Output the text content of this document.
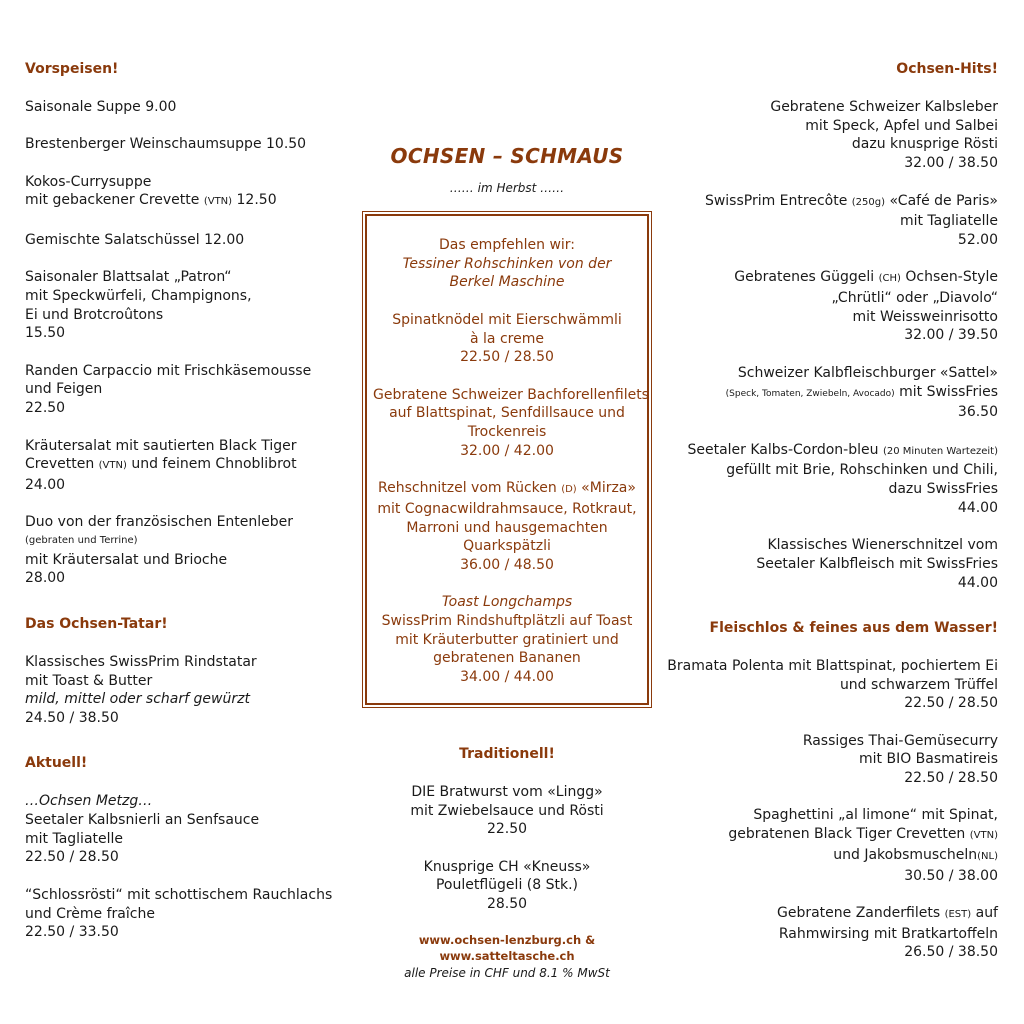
Vorspeisen!
Saisonale Suppe 9.00
Brestenberger Weinschaumsuppe 10.50
Kokos-Currysuppe
mit gebackener Crevette (VTN) 12.50
Gemischte Salatschüssel 12.00
Saisonaler Blattsalat „Patron“
mit Speckwürfeli, Champignons,
Ei und Brotcroûtons
15.50
Randen Carpaccio mit Frischkäsemousse
und Feigen
22.50
Kräutersalat mit sautierten Black Tiger
Crevetten (VTN) und feinem Chnoblibrot
24.00
Duo von der französischen Entenleber
(gebraten und Terrine)
mit Kräutersalat und Brioche
28.00
Das Ochsen-Tatar!
Klassisches SwissPrim Rindstatar
mit Toast & Butter
mild, mittel oder scharf gewürzt
24.50 / 38.50
Aktuell!
…Ochsen Metzg…
Seetaler Kalbsnierli an Senfsauce
mit Tagliatelle
22.50 / 28.50
“Schlossrösti“ mit schottischem Rauchlachs
und Crème fraîche
22.50 / 33.50
OCHSEN – SCHMAUS
…… im Herbst ……
Das empfehlen wir:
Tessiner Rohschinken von der
Berkel Maschine
Spinatknödel mit Eierschwämmli
à la creme
22.50 / 28.50
Gebratene Schweizer Bachforellenfilets
auf Blattspinat, Senfdillsauce und
Trockenreis
32.00 / 42.00
Rehschnitzel vom Rücken (D) «Mirza»
mit Cognacwildrahmsauce, Rotkraut,
Marroni und hausgemachten
Quarkspätzli
36.00 / 48.50
Toast Longchamps
SwissPrim Rindshuftplätzli auf Toast
mit Kräuterbutter gratiniert und
gebratenen Bananen
34.00 / 44.00
Traditionell!
DIE Bratwurst vom «Lingg»
mit Zwiebelsauce und Rösti
22.50
Knusprige CH «Kneuss»
Pouletflügeli (8 Stk.)
28.50
www.ochsen-lenzburg.ch & www.satteltasche.ch
alle Preise in CHF und 8.1 % MwSt
Ochsen-Hits!
Gebratene Schweizer Kalbsleber
mit Speck, Apfel und Salbei
dazu knusprige Rösti
32.00 / 38.50
SwissPrim Entrecôte (250g) «Café de Paris»
mit Tagliatelle
52.00
Gebratenes Güggeli (CH) Ochsen-Style
„Chrütli“ oder „Diavolo“
mit Weissweinrisotto
32.00 / 39.50
Schweizer Kalbfleischburger «Sattel»
(Speck, Tomaten, Zwiebeln, Avocado) mit SwissFries
36.50
Seetaler Kalbs-Cordon-bleu (20 Minuten Wartezeit)
gefüllt mit Brie, Rohschinken und Chili,
dazu SwissFries
44.00
Klassisches Wienerschnitzel vom
Seetaler Kalbfleisch mit SwissFries
44.00
Fleischlos & feines aus dem Wasser!
Bramata Polenta mit Blattspinat, pochiertem Ei
und schwarzem Trüffel
22.50 / 28.50
Rassiges Thai-Gemüsecurry
mit BIO Basmatireis
22.50 / 28.50
Spaghettini „al limone“ mit Spinat,
gebratenen Black Tiger Crevetten (VTN)
und Jakobsmuscheln(NL)
30.50 / 38.00
Gebratene Zanderfilets (EST) auf
Rahmwirsing mit Bratkartoffeln
26.50 / 38.50
